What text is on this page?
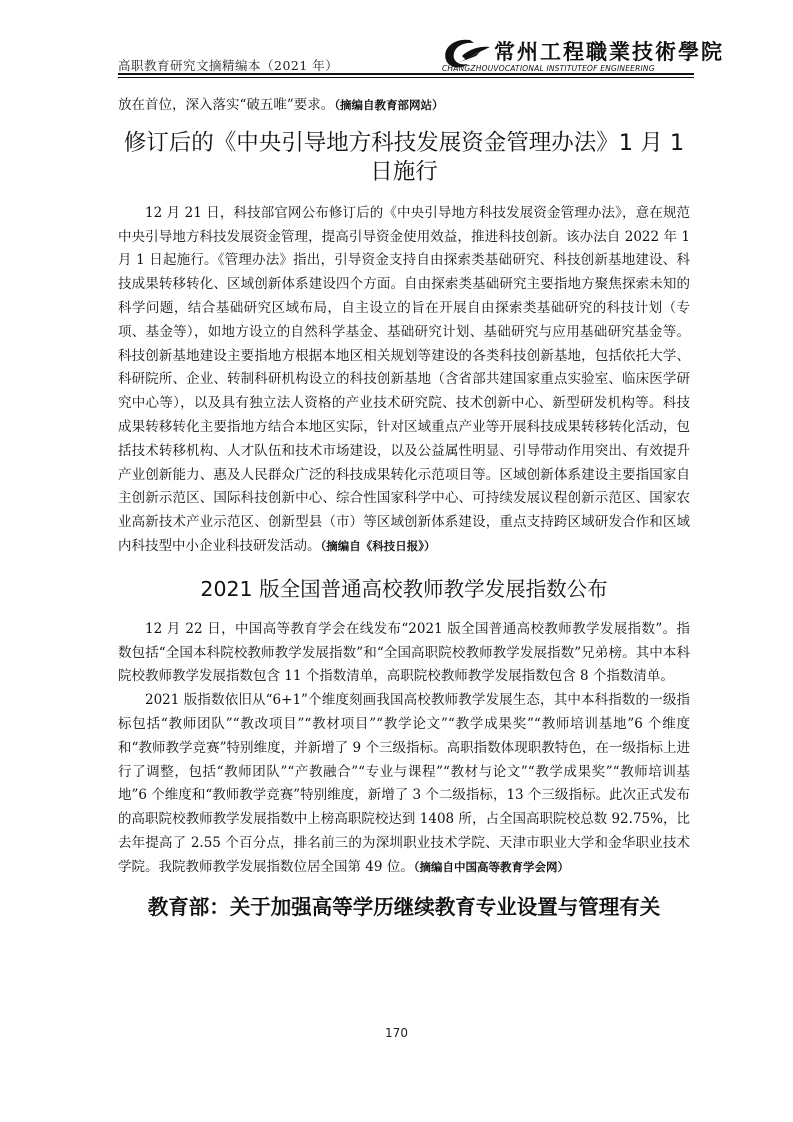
高职教育研究文摘精编本（2021 年）
常州工程職業技術學院
CHANGZHOUVOCATIONAL INSTITUTEOF ENGINEERING

放在首位，深入落实“破五唯”要求。（摘编自教育部网站）

修订后的《中央引导地方科技发展资金管理办法》1 月 1 日施行

12 月 21 日，科技部官网公布修订后的《中央引导地方科技发展资金管理办法》，意在规范中央引导地方科技发展资金管理，提高引导资金使用效益，推进科技创新。该办法自 2022 年 1 月 1 日起施行。《管理办法》指出，引导资金支持自由探索类基础研究、科技创新基地建设、科技成果转移转化、区域创新体系建设四个方面。自由探索类基础研究主要指地方聚焦探索未知的科学问题，结合基础研究区域布局，自主设立的旨在开展自由探索类基础研究的科技计划（专项、基金等），如地方设立的自然科学基金、基础研究计划、基础研究与应用基础研究基金等。科技创新基地建设主要指地方根据本地区相关规划等建设的各类科技创新基地，包括依托大学、科研院所、企业、转制科研机构设立的科技创新基地（含省部共建国家重点实验室、临床医学研究中心等），以及具有独立法人资格的产业技术研究院、技术创新中心、新型研发机构等。科技成果转移转化主要指地方结合本地区实际，针对区域重点产业等开展科技成果转移转化活动，包括技术转移机构、人才队伍和技术市场建设，以及公益属性明显、引导带动作用突出、有效提升产业创新能力、惠及人民群众广泛的科技成果转化示范项目等。区域创新体系建设主要指国家自主创新示范区、国际科技创新中心、综合性国家科学中心、可持续发展议程创新示范区、国家农业高新技术产业示范区、创新型县（市）等区域创新体系建设，重点支持跨区域研发合作和区域内科技型中小企业科技研发活动。（摘编自《科技日报》）

2021 版全国普通高校教师教学发展指数公布

12 月 22 日，中国高等教育学会在线发布“2021 版全国普通高校教师教学发展指数”。指数包括“全国本科院校教师教学发展指数”和“全国高职院校教师教学发展指数”兄弟榜。其中本科院校教师教学发展指数包含 11 个指数清单，高职院校教师教学发展指数包含 8 个指数清单。

2021 版指数依旧从“6+1”个维度刻画我国高校教师教学发展生态，其中本科指数的一级指标包括“教师团队”“教改项目”“教材项目”“教学论文”“教学成果奖”“教师培训基地”6 个维度和“教师教学竞赛”特别维度，并新增了 9 个三级指标。高职指数体现职教特色，在一级指标上进行了调整，包括“教师团队”“产教融合”“专业与课程”“教材与论文”“教学成果奖”“教师培训基地”6 个维度和“教师教学竞赛”特别维度，新增了 3 个二级指标，13 个三级指标。此次正式发布的高职院校教师教学发展指数中上榜高职院校达到 1408 所，占全国高职院校总数 92.75%，比去年提高了 2.55 个百分点，排名前三的为深圳职业技术学院、天津市职业大学和金华职业技术学院。我院教师教学发展指数位居全国第 49 位。（摘编自中国高等教育学会网）

教育部：关于加强高等学历继续教育专业设置与管理有关
170
